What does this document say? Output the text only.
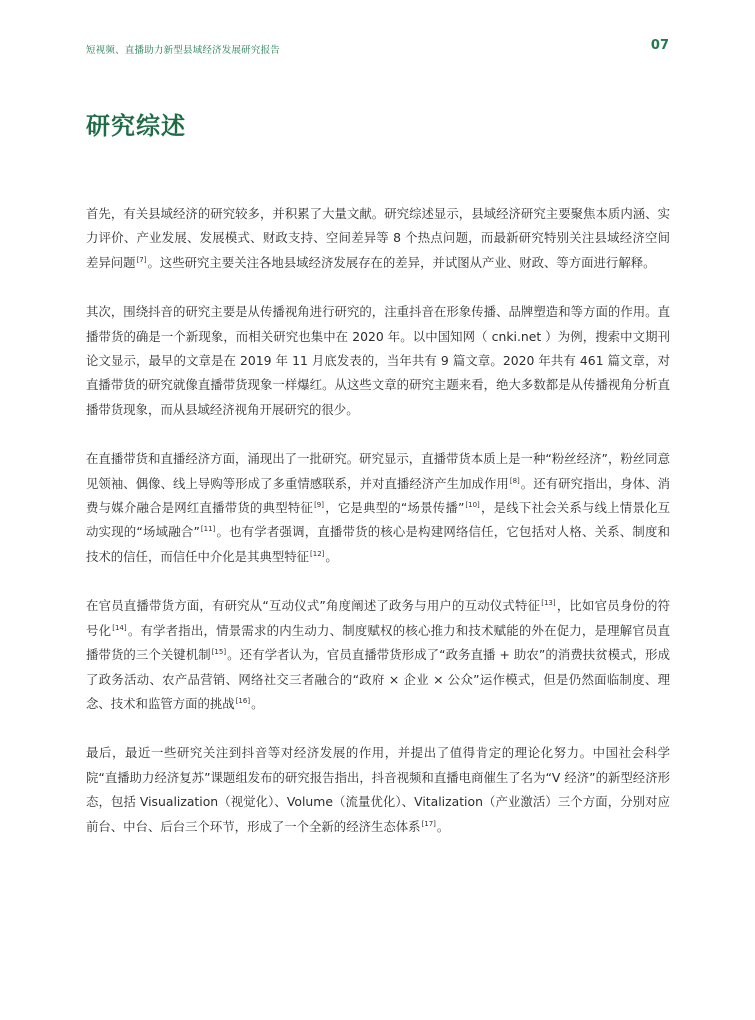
短视频、直播助力新型县域经济发展研究报告	07
研究综述

首先，有关县域经济的研究较多，并积累了大量文献。研究综述显示，县域经济研究主要聚焦本质内涵、实力评价、产业发展、发展模式、财政支持、空间差异等 8 个热点问题，而最新研究特别关注县域经济空间差异问题[7]。这些研究主要关注各地县域经济发展存在的差异，并试图从产业、财政、等方面进行解释。

其次，围绕抖音的研究主要是从传播视角进行研究的，注重抖音在形象传播、品牌塑造和等方面的作用。直播带货的确是一个新现象，而相关研究也集中在 2020 年。以中国知网（ cnki.net ）为例，搜索中文期刊论文显示，最早的文章是在 2019 年 11 月底发表的，当年共有 9 篇文章。2020 年共有 461 篇文章，对直播带货的研究就像直播带货现象一样爆红。从这些文章的研究主题来看，绝大多数都是从传播视角分析直播带货现象，而从县域经济视角开展研究的很少。

在直播带货和直播经济方面，涌现出了一批研究。研究显示，直播带货本质上是一种“粉丝经济”，粉丝同意见领袖、偶像、线上导购等形成了多重情感联系，并对直播经济产生加成作用[8]。还有研究指出，身体、消费与媒介融合是网红直播带货的典型特征[9]，它是典型的“场景传播”[10]，是线下社会关系与线上情景化互动实现的“场域融合”[11]。也有学者强调，直播带货的核心是构建网络信任，它包括对人格、关系、制度和技术的信任，而信任中介化是其典型特征[12]。

在官员直播带货方面，有研究从“互动仪式”角度阐述了政务与用户的互动仪式特征[13]，比如官员身份的符号化[14]。有学者指出，情景需求的内生动力、制度赋权的核心推力和技术赋能的外在促力，是理解官员直播带货的三个关键机制[15]。还有学者认为，官员直播带货形成了“政务直播 + 助农”的消费扶贫模式，形成了政务活动、农产品营销、网络社交三者融合的“政府 × 企业 × 公众”运作模式，但是仍然面临制度、理念、技术和监管方面的挑战[16]。

最后，最近一些研究关注到抖音等对经济发展的作用，并提出了值得肯定的理论化努力。中国社会科学院“直播助力经济复苏”课题组发布的研究报告指出，抖音视频和直播电商催生了名为“V 经济”的新型经济形态，包括 Visualization（视觉化）、Volume（流量优化）、Vitalization（产业激活）三个方面，分别对应前台、中台、后台三个环节，形成了一个全新的经济生态体系[17]。
